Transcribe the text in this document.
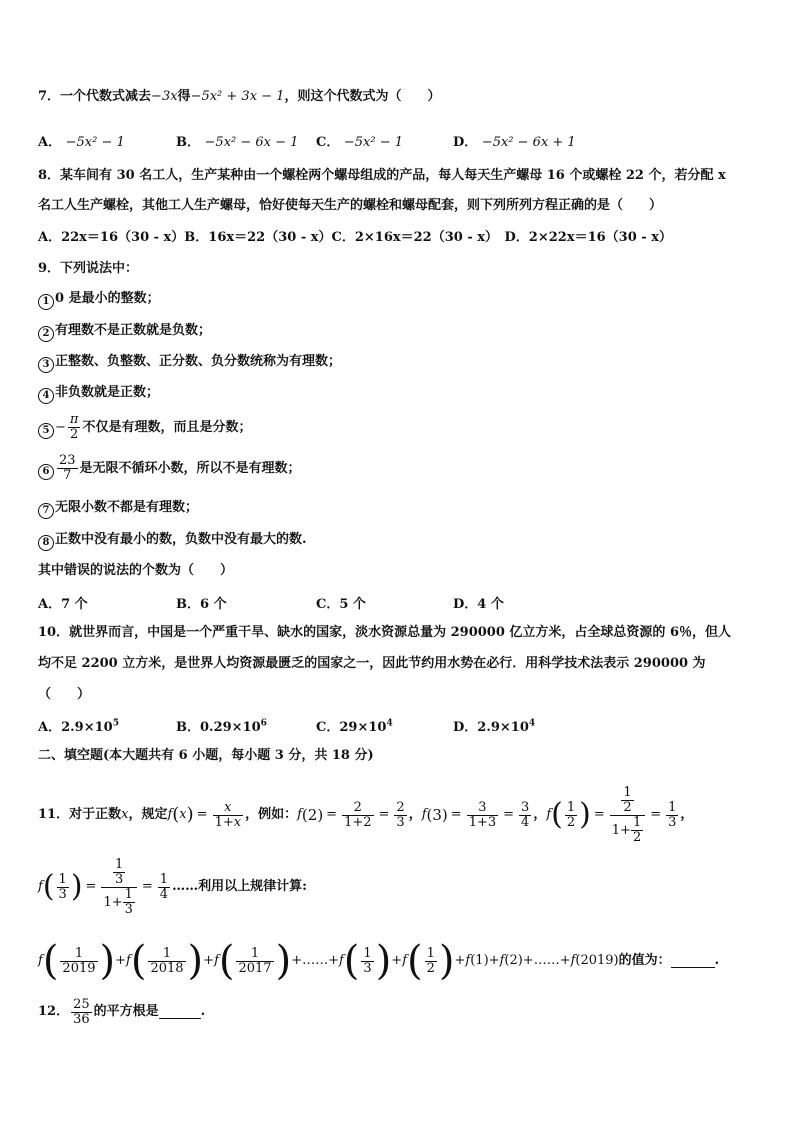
7．一个代数式减去−3x得−5x² + 3x − 1，则这个代数式为（　　）
A． −5x² − 1	B． −5x² − 6x − 1 C． −5x² − 1	D． −5x² − 6x + 1
8．某车间有 30 名工人，生产某种由一个螺栓两个螺母组成的产品，每人每天生产螺母 16 个或螺栓 22 个，若分配 x
名工人生产螺栓，其他工人生产螺母，恰好使每天生产的螺栓和螺母配套，则下列所列方程正确的是（　　）
A．22x＝16（30 - x）B．16x＝22（30 - x）C．2×16x＝22（30 - x）　D．2×22x＝16（30 - x）
9．下列说法中：
1 0 是最小的整数；
2 有理数不是正数就是负数；
3 正整数、负整数、正分数、负分数统称为有理数；
4 非负数就是正数；
$5 - \frac{\pi}{2}$ 不仅是有理数，而且是分数；
$6 \frac{23}{7}$ 是无限不循环小数，所以不是有理数；
7 无限小数不都是有理数；
8 正数中没有最小的数，负数中没有最大的数.
其中错误的说法的个数为（　　）
A．7 个	B．6 个	C．5 个	D．4 个
10．就世界而言，中国是一个严重干旱、缺水的国家，淡水资源总量为 290000 亿立方米，占全球总资源的 6％，但人
均不足 2200 立方米，是世界人均资源最匮乏的国家之一，因此节约用水势在必行．用科学技术法表示 290000 为
（　　）
A．$2.9\times 10^5$	B．$0.29\times 10^6$	C．$29\times 10^4$	D．$2.9\times 10^4$
二、填空题(本大题共有 6 小题，每小题 3 分，共 18 分)
11．对于正数 x ，规定 f ( x ) = $\frac{x}{1+x}$ ，例如： f $(2) = \frac{2}{1+2} = \frac{2}{3}$ ， f $(3) = \frac{3}{1+3} = \frac{3}{4}$ ， f ( $\frac{1}{2}$ ) = $\frac{\frac{1}{2}}{1+ \frac{1}{2}} = \frac{1}{3}$ ，
f ( $\frac{1}{3}$ ) = $\frac{\frac{1}{3}}{1+ \frac{1}{3}} = \frac{1}{4}$ ……利用以上规律计算:
f ( $\frac{1}{2019}$ ) + f ( $\frac{1}{2018}$ ) + f ( $\frac{1}{2017}$ ) +……+ f ( $\frac{1}{3}$ ) + f ( $\frac{1}{2}$ ) + f (1) + f (2) +……+ f (2019) 的值为：	.
12． $\frac{25}{36}$ 的平方根是	.
